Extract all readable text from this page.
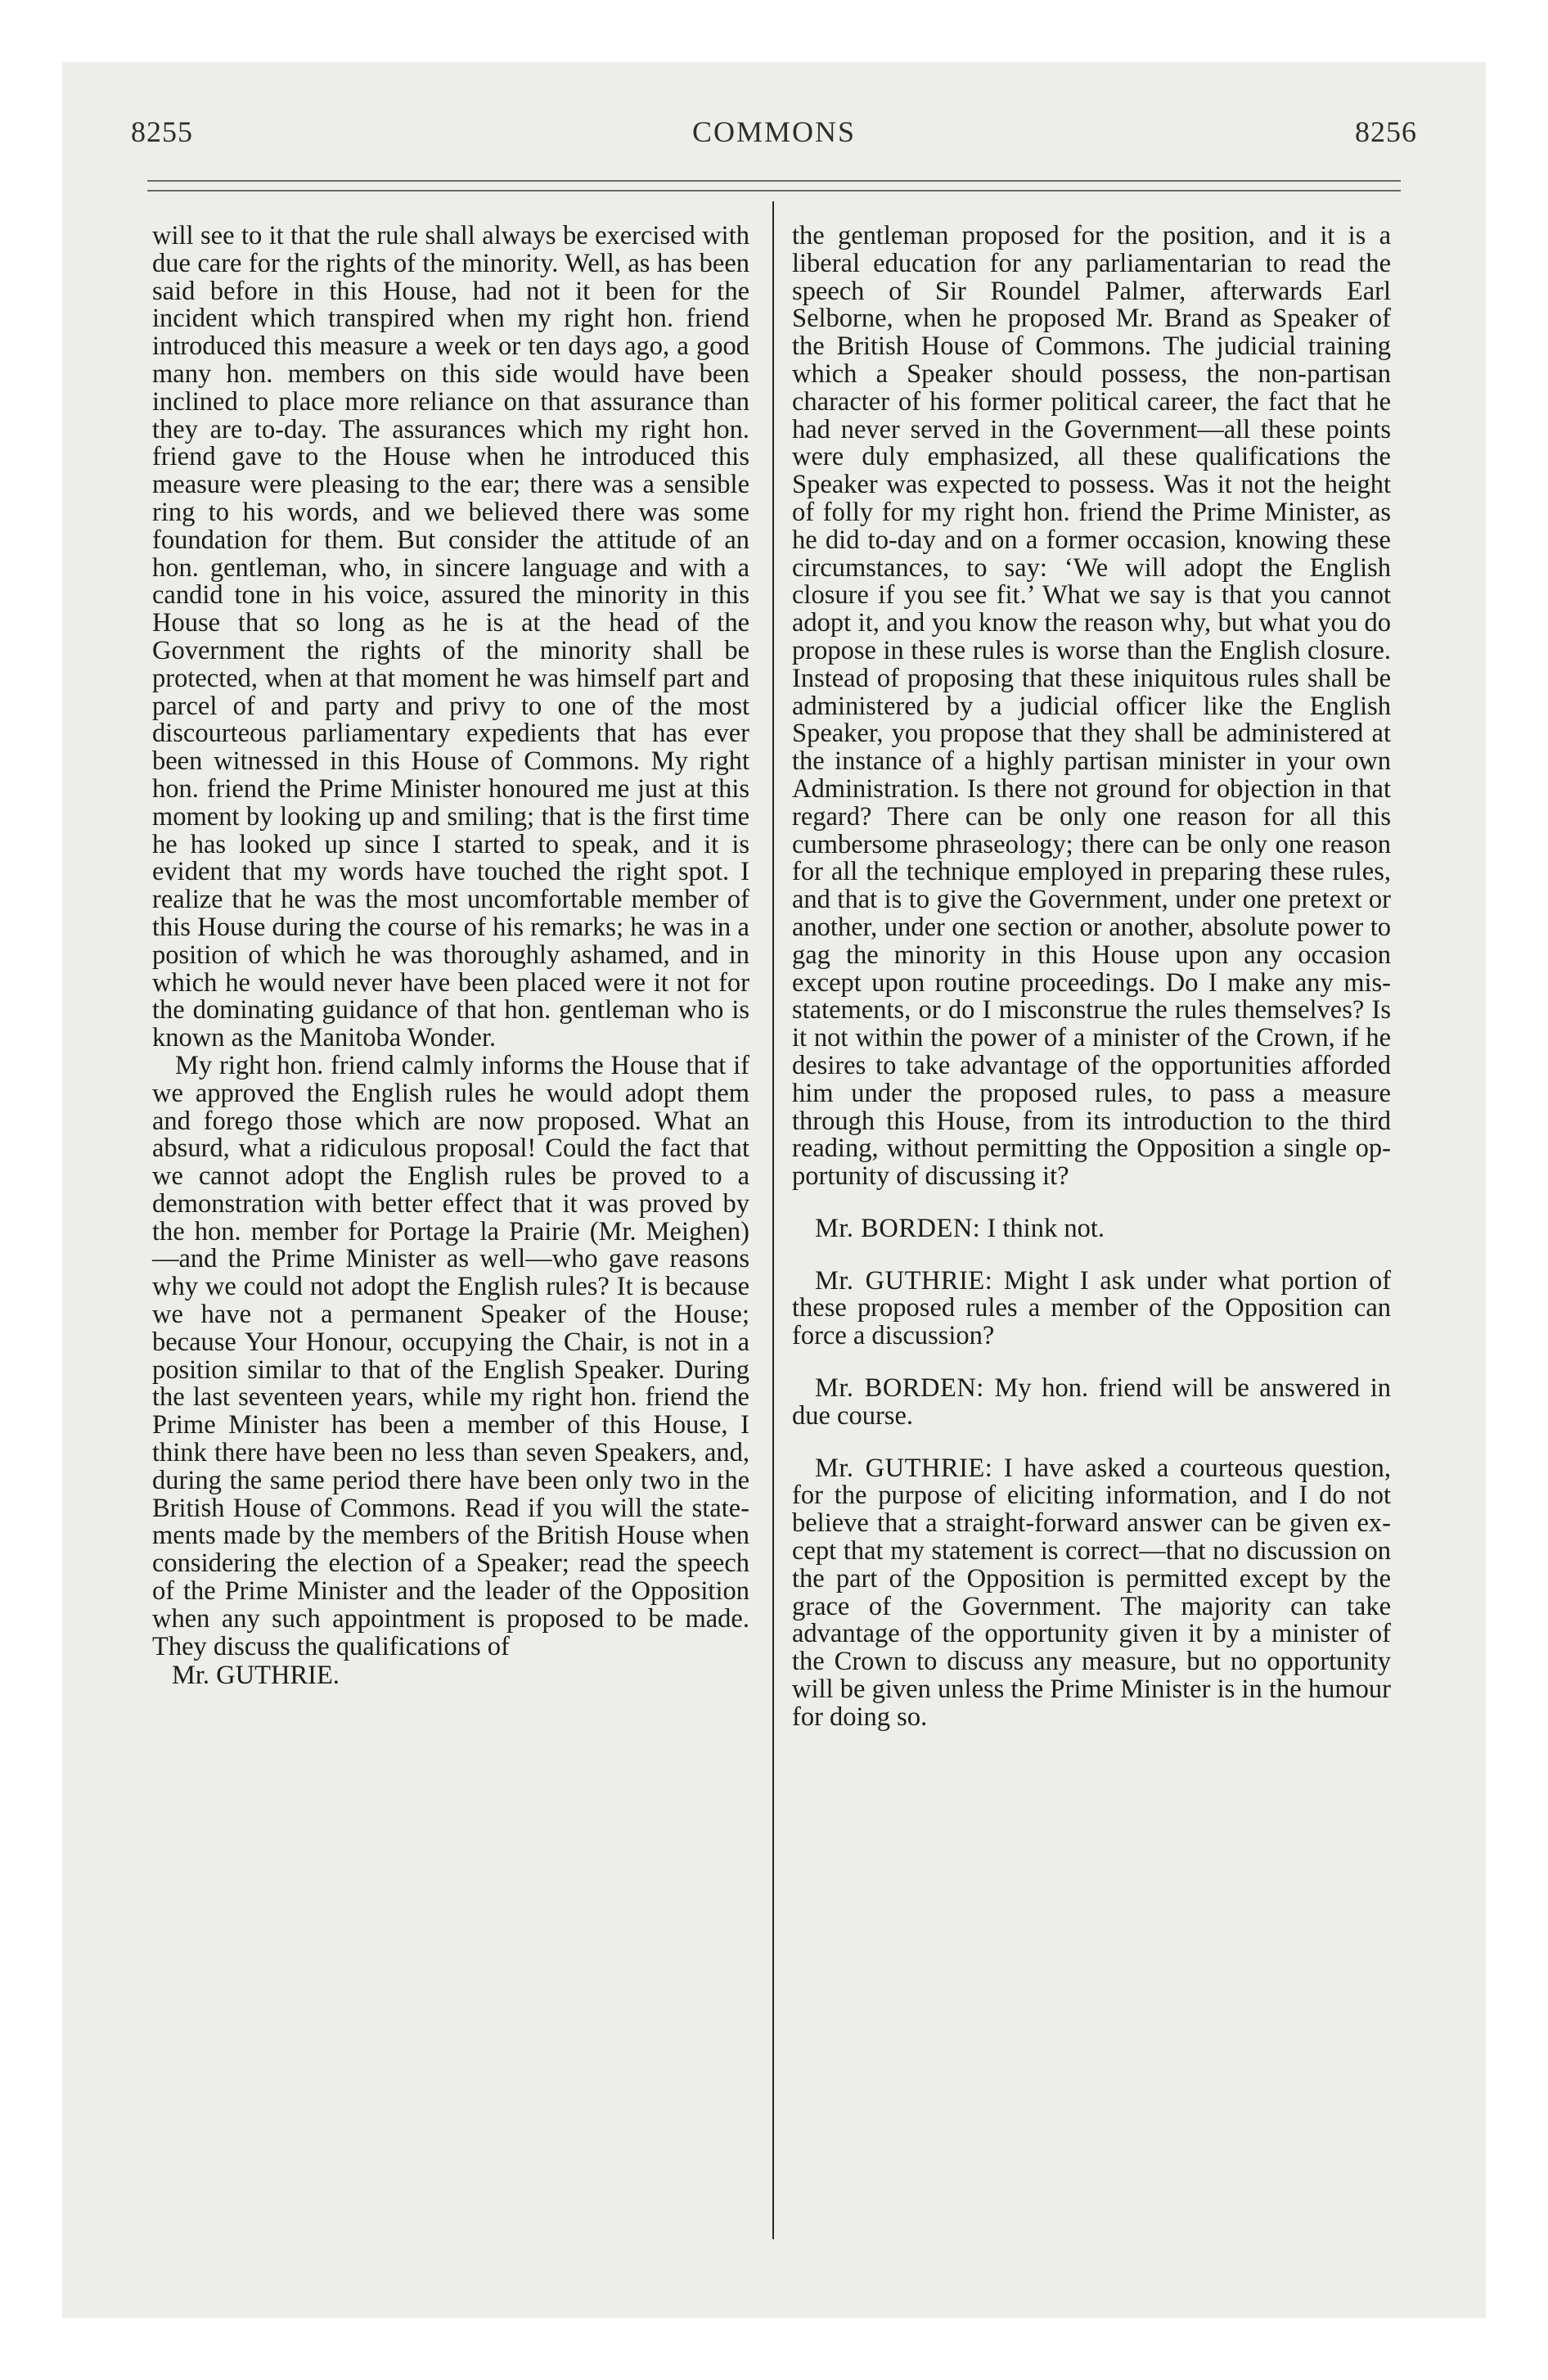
8255	COMMONS	8256

will see to it that the rule shall always be exercised with due care for the rights of the minority. Well, as has been said before in this House, had not it been for the incident which transpired when my right hon. friend introduced this measure a week or ten days ago, a good many hon. members on this side would have been inclined to place more reliance on that assurance than they are to-day. The assurances which my right hon. friend gave to the House when he introduced this measure were pleasing to the ear; there was a sensible ring to his words, and we believed there was some foundation for them. But consider the attitude of an hon. gentleman, who, in sincere language and with a candid tone in his voice, assured the minority in this House that so long as he is at the head of the Government the rights of the minority shall be protected, when at that moment he was himself part and parcel of and party and privy to one of the most discourteous parliamentary expedients that has ever been witnessed in this House of Commons. My right hon. friend the Prime Minister honoured me just at this moment by looking up and smiling; that is the first time he has looked up since I started to speak, and it is evident that my words have touched the right spot. I realize that he was the most uncomfortable member of this House during the course of his remarks; he was in a position of which he was thoroughly ashamed, and in which he would never have been placed were it not for the dominating guidance of that hon. gentleman who is known as the Manitoba Wonder.

My right hon. friend calmly informs the House that if we approved the English rules he would adopt them and forego those which are now proposed. What an absurd, what a ridiculous proposal! Could the fact that we cannot adopt the English rules be proved to a demonstration with better effect that it was proved by the hon. member for Portage la Prairie (Mr. Meighen) —and the Prime Minister as well—who gave reasons why we could not adopt the English rules? It is because we have not a permanent Speaker of the House; because Your Honour, occupying the Chair, is not in a position similar to that of the English Speaker. During the last seventeen years, while my right hon. friend the Prime Minister has been a member of this House, I think there have been no less than seven Speakers, and, during the same period there have been only two in the British House of Commons. Read if you will the statements made by the members of the British House when considering the election of a Speaker; read the speech of the Prime Minister and the leader of the Opposition when any such appointment is proposed to be made. They discuss the qualifications of

Mr. GUTHRIE.

the gentleman proposed for the position, and it is a liberal education for any parliamentarian to read the speech of Sir Roundel Palmer, afterwards Earl Selborne, when he proposed Mr. Brand as Speaker of the British House of Commons. The judicial training which a Speaker should possess, the non-partisan character of his former political career, the fact that he had never served in the Government—all these points were duly emphasized, all these qualifications the Speaker was expected to possess. Was it not the height of folly for my right hon. friend the Prime Minister, as he did to-day and on a former occasion, knowing these circumstances, to say: ‘We will adopt the English closure if you see fit.’ What we say is that you cannot adopt it, and you know the reason why, but what you do propose in these rules is worse than the English closure. Instead of proposing that these iniquitous rules shall be administered by a judicial officer like the English Speaker, you propose that they shall be administered at the instance of a highly partisan minister in your own Administration. Is there not ground for objection in that regard? There can be only one reason for all this cumbersome phraseology; there can be only one reason for all the technique employed in preparing these rules, and that is to give the Government, under one pretext or another, under one section or another, absolute power to gag the minority in this House upon any occasion except upon routine proceedings. Do I make any mis-statements, or do I misconstrue the rules themselves? Is it not within the power of a minister of the Crown, if he desires to take advantage of the opportunities afforded him under the proposed rules, to pass a measure through this House, from its introduction to the third reading, without permitting the Opposition a single opportunity of discussing it?

Mr. BORDEN: I think not.

Mr. GUTHRIE: Might I ask under what portion of these proposed rules a member of the Opposition can force a discussion?

Mr. BORDEN: My hon. friend will be answered in due course.

Mr. GUTHRIE: I have asked a courteous question, for the purpose of eliciting information, and I do not believe that a straight-forward answer can be given except that my statement is correct—that no discussion on the part of the Opposition is permitted except by the grace of the Government. The majority can take advantage of the opportunity given it by a minister of the Crown to discuss any measure, but no opportunity will be given unless the Prime Minister is in the humour for doing so.
